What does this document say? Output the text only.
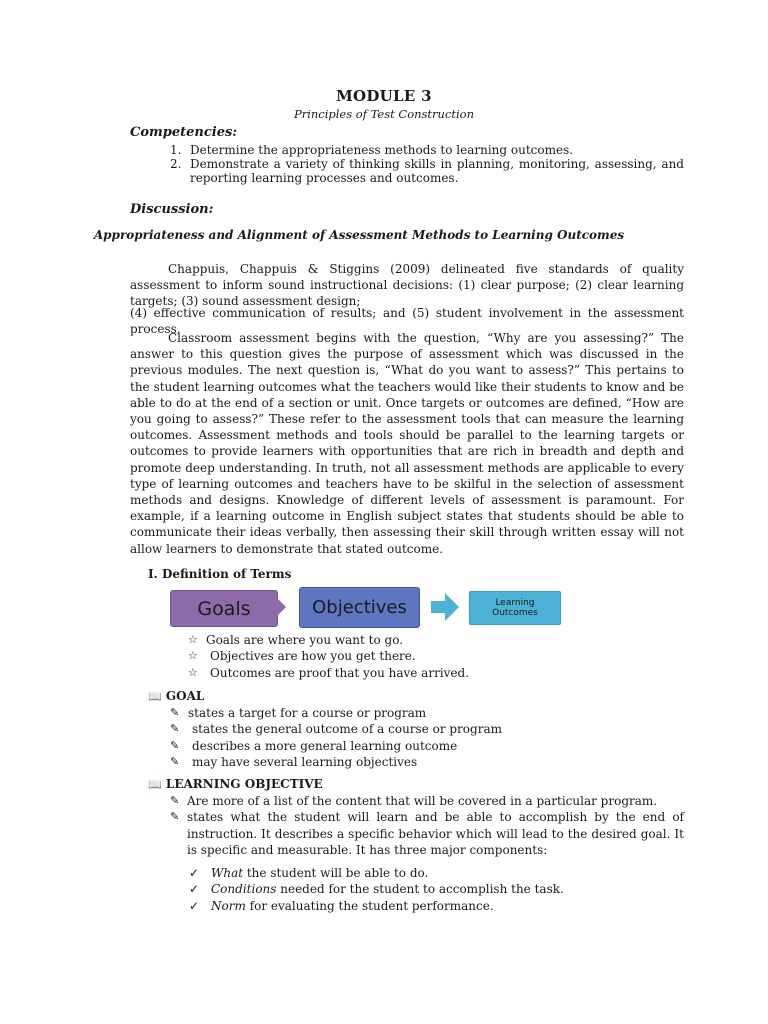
MODULE 3
Principles of Test Construction
Competencies:
1. Determine the appropriateness methods to learning outcomes.
2. Demonstrate a variety of thinking skills in planning, monitoring, assessing, and reporting learning processes and outcomes.
Discussion:
Appropriateness and Alignment of Assessment Methods to Learning Outcomes
Chappuis, Chappuis & Stiggins (2009) delineated five standards of quality assessment to inform sound instructional decisions: (1) clear purpose; (2) clear learning targets; (3) sound assessment design;
(4) effective communication of results; and (5) student involvement in the assessment process.
Classroom assessment begins with the question, “Why are you assessing?” The answer to this question gives the purpose of assessment which was discussed in the previous modules. The next question is, “What do you want to assess?” This pertains to the student learning outcomes what the teachers would like their students to know and be able to do at the end of a section or unit. Once targets or outcomes are defined, “How are you going to assess?” These refer to the assessment tools that can measure the learning outcomes. Assessment methods and tools should be parallel to the learning targets or outcomes to provide learners with opportunities that are rich in breadth and depth and promote deep understanding. In truth, not all assessment methods are applicable to every type of learning outcomes and teachers have to be skilful in the selection of assessment methods and designs. Knowledge of different levels of assessment is paramount. For example, if a learning outcome in English subject states that students should be able to communicate their ideas verbally, then assessing their skill through written essay will not allow learners to demonstrate that stated outcome.
I. Definition of Terms
Goals	Objectives	Learning
Outcomes
☆ Goals are where you want to go.
☆ Objectives are how you get there.
☆ Outcomes are proof that you have arrived.
📖 GOAL
✎ states a target for a course or program
✎ states the general outcome of a course or program
✎ describes a more general learning outcome
✎ may have several learning objectives
📖 LEARNING OBJECTIVE
✎ Are more of a list of the content that will be covered in a particular program.
✎ states what the student will learn and be able to accomplish by the end of instruction. It describes a specific behavior which will lead to the desired goal. It is specific and measurable. It has three major components:
✓ What the student will be able to do.
✓ Conditions needed for the student to accomplish the task.
✓ Norm for evaluating the student performance.
